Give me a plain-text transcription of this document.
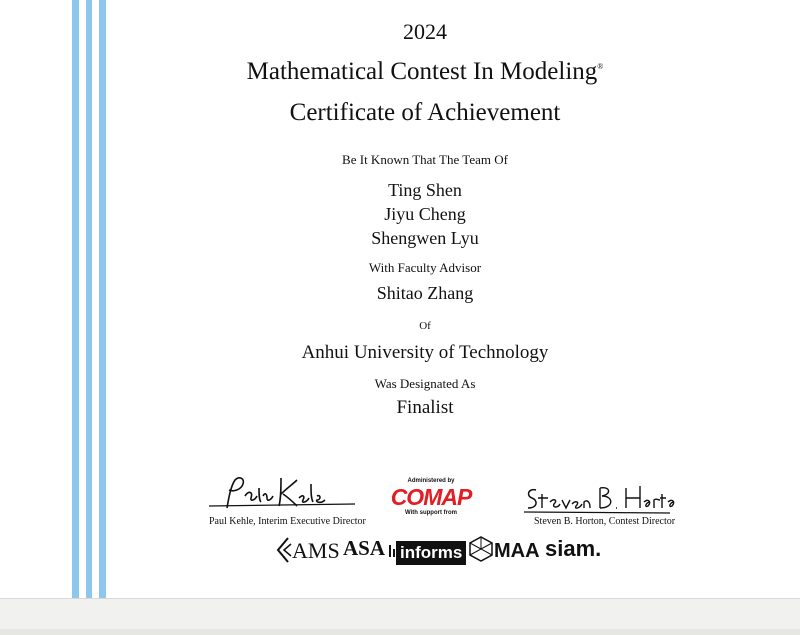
2024
Mathematical Contest In Modeling®
Certificate of Achievement
Be It Known That The Team Of
Ting Shen
Jiyu Cheng
Shengwen Lyu
With Faculty Advisor
Shitao Zhang
Of
Anhui University of Technology
Was Designated As
Finalist
Paul Kehle, Interim Executive Director
Administered by
COMAP
With support from
Steven B. Horton, Contest Director
AMS ASA informs	MAA siam.
